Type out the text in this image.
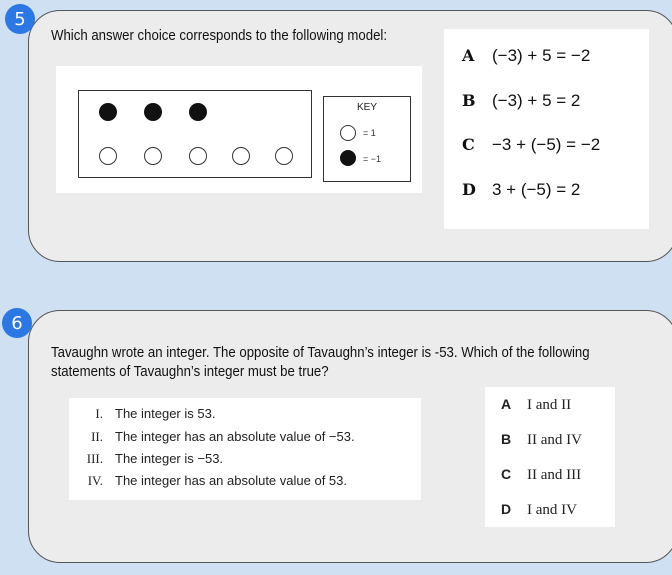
5
Which answer choice corresponds to the following model:
KEY
= 1
= −1
A (−3) + 5 = −2
B (−3) + 5 = 2
C −3 + (−5) = −2
D 3 + (−5) = 2
6
Tavaughn wrote an integer. The opposite of Tavaughn’s integer is -53. Which of the following
statements of Tavaughn’s integer must be true?
I. The integer is 53.
II. The integer has an absolute value of −53.
III. The integer is −53.
IV. The integer has an absolute value of 53.
A I and II
B II and IV
C II and III
D I and IV
